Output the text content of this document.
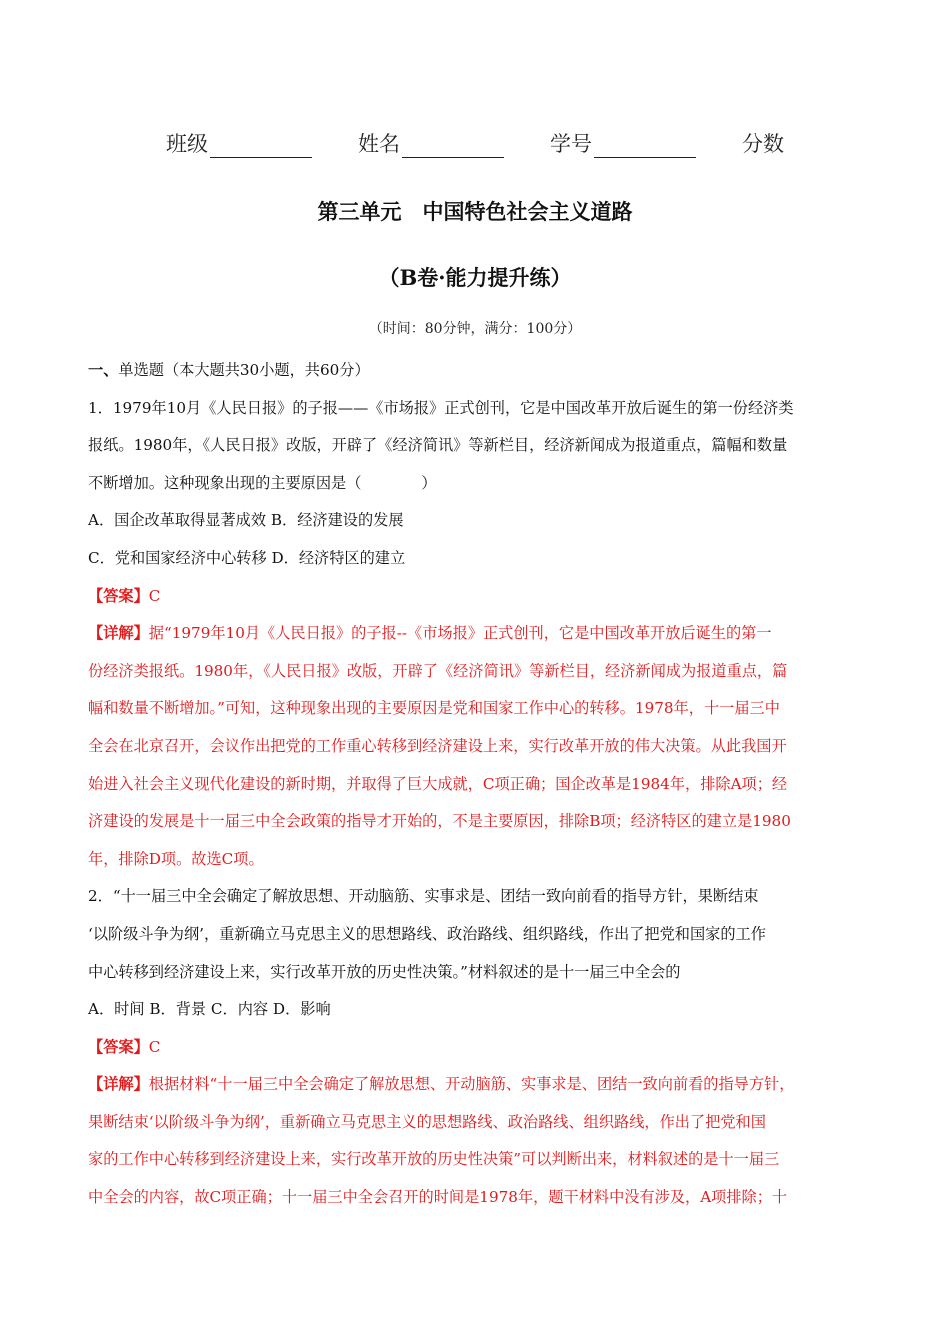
班级	姓名	学号	分数
第三单元　中国特色社会主义道路
（B卷·能力提升练）
（时间：80分钟，满分：100分）

一、单选题（本大题共30小题，共60分）

1．1979年10月《人民日报》的子报——《市场报》正式创刊，它是中国改革开放后诞生的第一份经济类

报纸。1980年，《人民日报》改版，开辟了《经济简讯》等新栏目，经济新闻成为报道重点，篇幅和数量

不断增加。这种现象出现的主要原因是（	）

A．国企改革取得显著成效 B．经济建设的发展

C．党和国家经济中心转移 D．经济特区的建立

【答案】C

【详解】据“1979年10月《人民日报》的子报--《市场报》正式创刊，它是中国改革开放后诞生的第一

份经济类报纸。1980年，《人民日报》改版，开辟了《经济简讯》等新栏目，经济新闻成为报道重点，篇

幅和数量不断增加。”可知，这种现象出现的主要原因是党和国家工作中心的转移。1978年，十一届三中

全会在北京召开，会议作出把党的工作重心转移到经济建设上来，实行改革开放的伟大决策。从此我国开

始进入社会主义现代化建设的新时期，并取得了巨大成就，C项正确；国企改革是1984年，排除A项；经

济建设的发展是十一届三中全会政策的指导才开始的，不是主要原因，排除B项；经济特区的建立是1980

年，排除D项。故选C项。

2．“十一届三中全会确定了解放思想、开动脑筋、实事求是、团结一致向前看的指导方针，果断结束

‘以阶级斗争为纲’，重新确立马克思主义的思想路线、政治路线、组织路线，作出了把党和国家的工作

中心转移到经济建设上来，实行改革开放的历史性决策。”材料叙述的是十一届三中全会的

A．时间 B．背景 C．内容 D．影响

【答案】C

【详解】根据材料“十一届三中全会确定了解放思想、开动脑筋、实事求是、团结一致向前看的指导方针，

果断结束‘以阶级斗争为纲’，重新确立马克思主义的思想路线、政治路线、组织路线，作出了把党和国

家的工作中心转移到经济建设上来，实行改革开放的历史性决策”可以判断出来，材料叙述的是十一届三

中全会的内容，故C项正确；十一届三中全会召开的时间是1978年，题干材料中没有涉及，A项排除；十
